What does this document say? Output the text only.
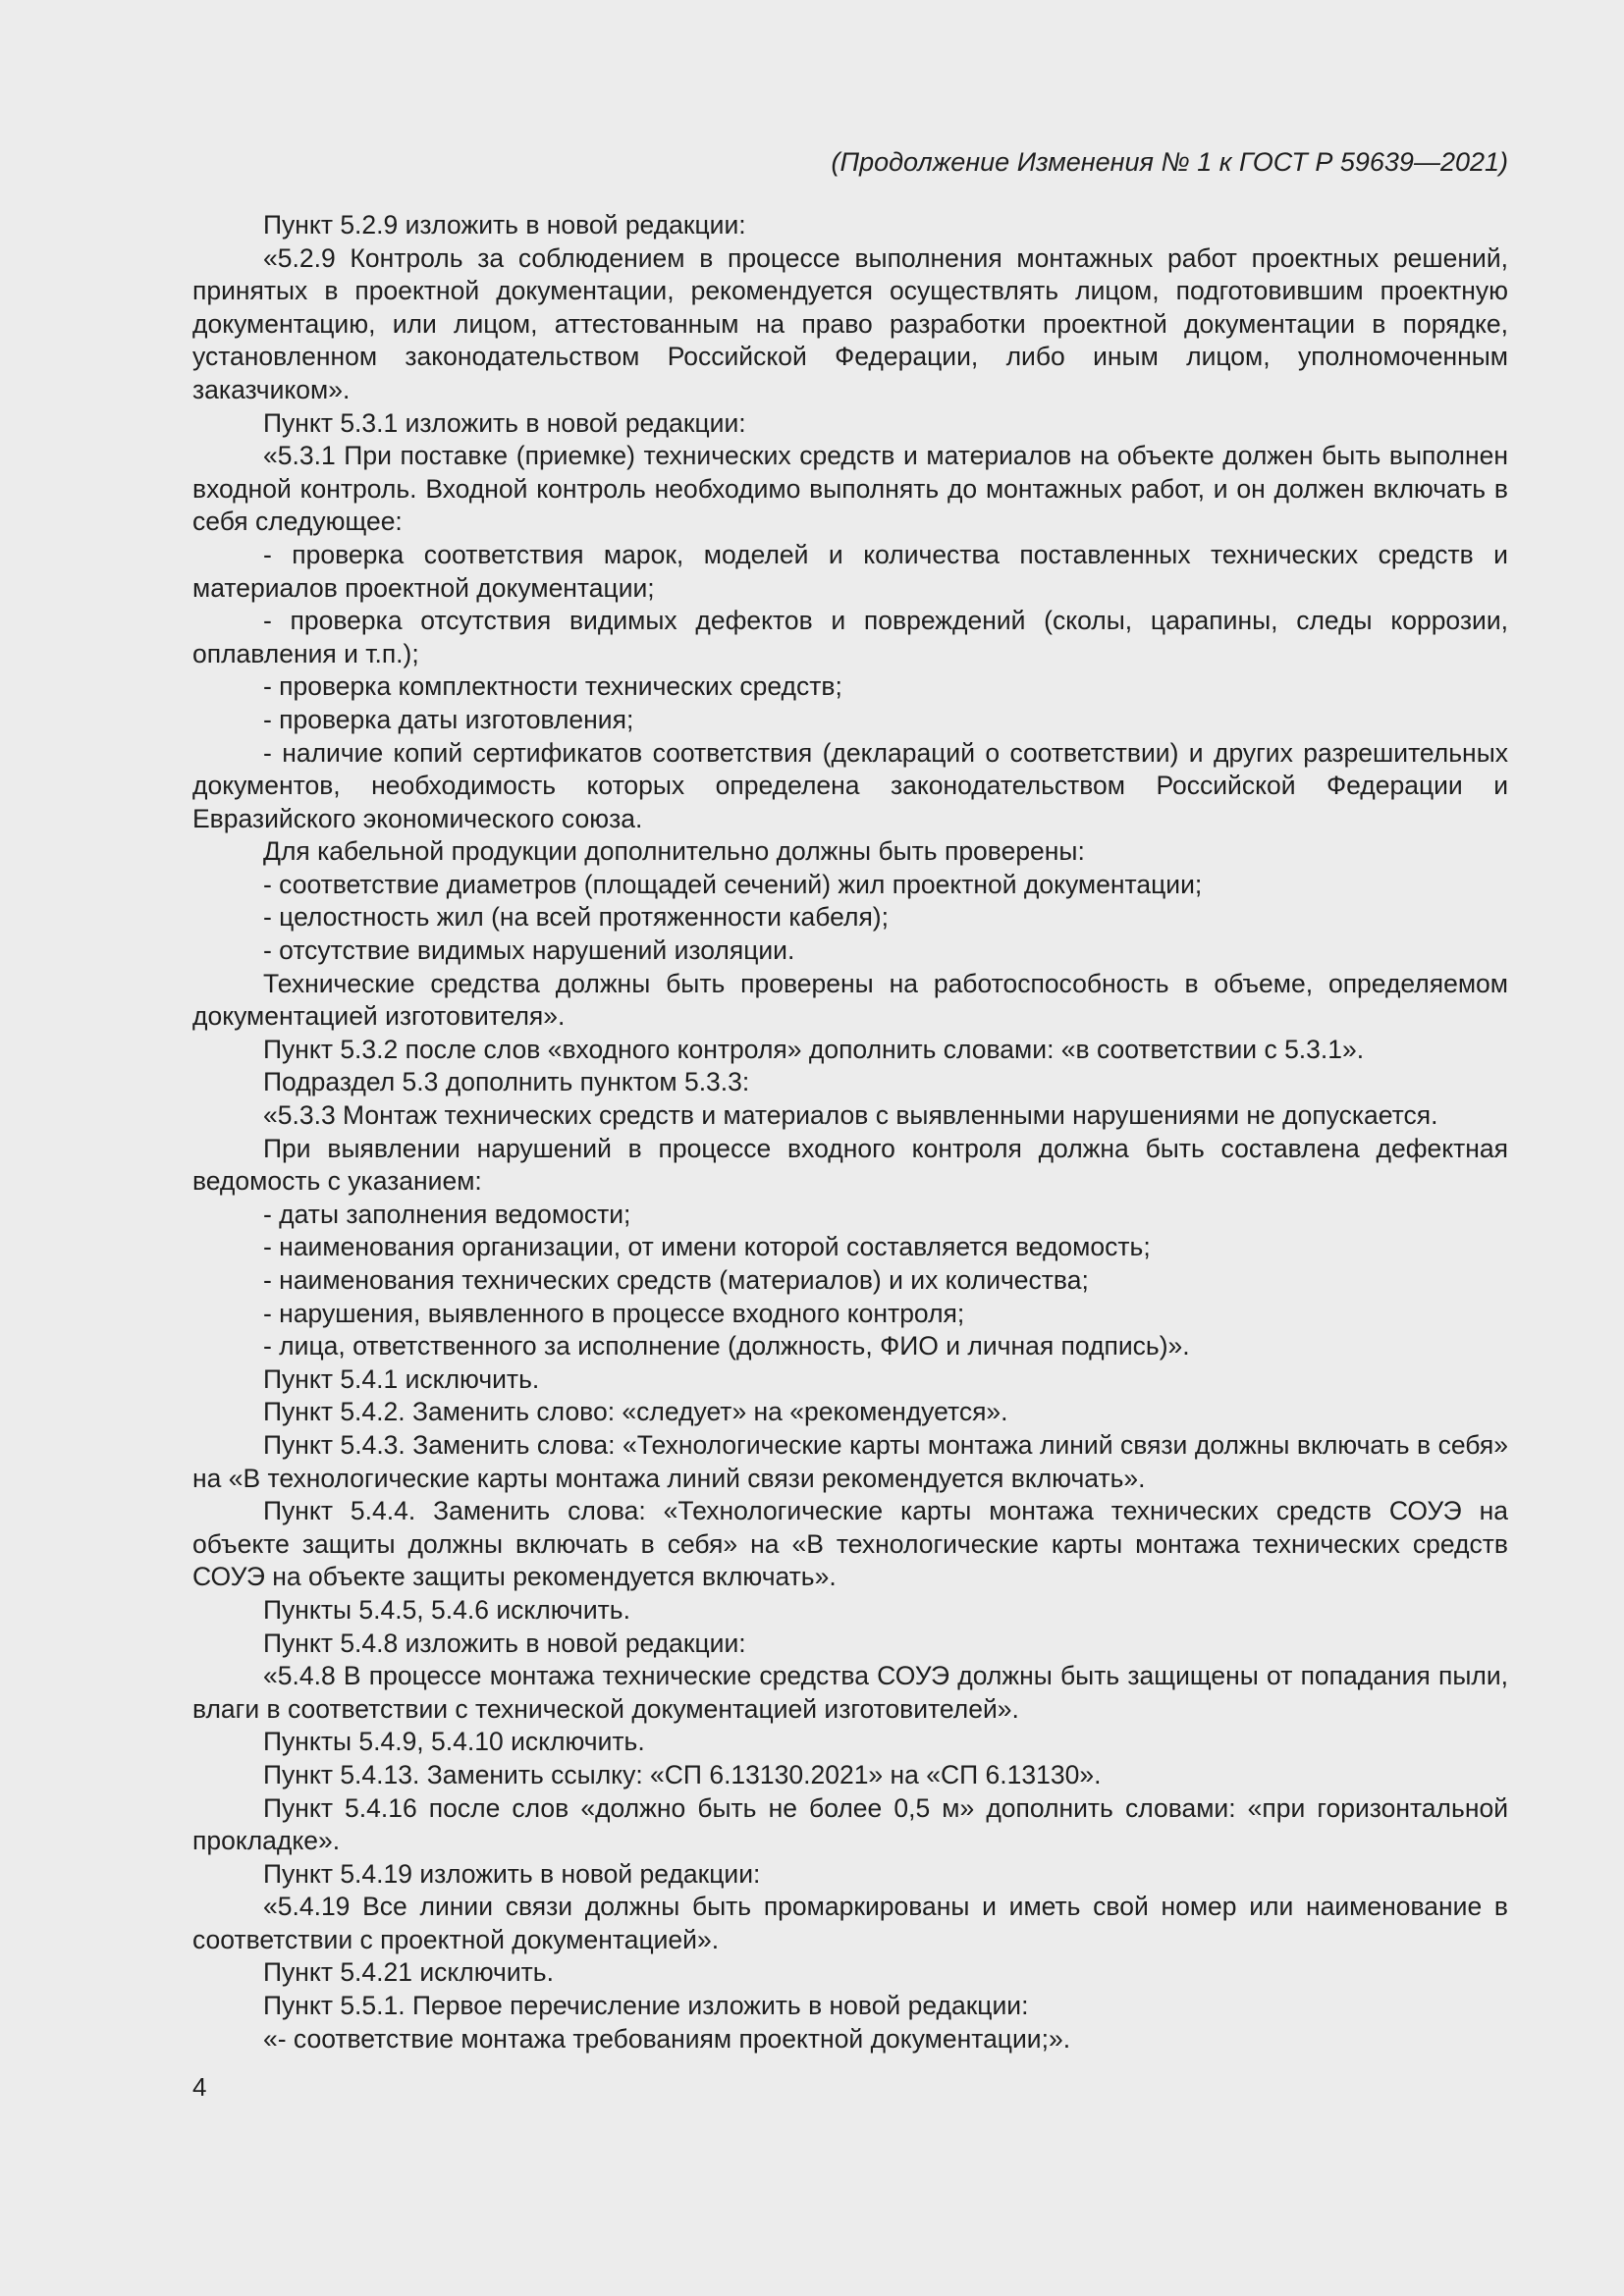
(Продолжение Изменения № 1 к ГОСТ Р 59639—2021)

Пункт 5.2.9 изложить в новой редакции:

«5.2.9 Контроль за соблюдением в процессе выполнения монтажных работ проектных решений, принятых в проектной документации, рекомендуется осуществлять лицом, подготовившим проектную документацию, или лицом, аттестованным на право разработки проектной документации в порядке, установленном законодательством Российской Федерации, либо иным лицом, уполномоченным заказчиком».

Пункт 5.3.1 изложить в новой редакции:

«5.3.1 При поставке (приемке) технических средств и материалов на объекте должен быть выполнен входной контроль. Входной контроль необходимо выполнять до монтажных работ, и он должен включать в себя следующее:

- проверка соответствия марок, моделей и количества поставленных технических средств и материалов проектной документации;

- проверка отсутствия видимых дефектов и повреждений (сколы, царапины, следы коррозии, оплавления и т.п.);

- проверка комплектности технических средств;

- проверка даты изготовления;

- наличие копий сертификатов соответствия (деклараций о соответствии) и других разрешительных документов, необходимость которых определена законодательством Российской Федерации и Евразийского экономического союза.

Для кабельной продукции дополнительно должны быть проверены:

- соответствие диаметров (площадей сечений) жил проектной документации;

- целостность жил (на всей протяженности кабеля);

- отсутствие видимых нарушений изоляции.

Технические средства должны быть проверены на работоспособность в объеме, определяемом документацией изготовителя».

Пункт 5.3.2 после слов «входного контроля» дополнить словами: «в соответствии с 5.3.1».

Подраздел 5.3 дополнить пунктом 5.3.3:

«5.3.3 Монтаж технических средств и материалов с выявленными нарушениями не допускается.

При выявлении нарушений в процессе входного контроля должна быть составлена дефектная ведомость с указанием:

- даты заполнения ведомости;

- наименования организации, от имени которой составляется ведомость;

- наименования технических средств (материалов) и их количества;

- нарушения, выявленного в процессе входного контроля;

- лица, ответственного за исполнение (должность, ФИО и личная подпись)».

Пункт 5.4.1 исключить.

Пункт 5.4.2. Заменить слово: «следует» на «рекомендуется».

Пункт 5.4.3. Заменить слова: «Технологические карты монтажа линий связи должны включать в себя» на «В технологические карты монтажа линий связи рекомендуется включать».

Пункт 5.4.4. Заменить слова: «Технологические карты монтажа технических средств СОУЭ на объекте защиты должны включать в себя» на «В технологические карты монтажа технических средств СОУЭ на объекте защиты рекомендуется включать».

Пункты 5.4.5, 5.4.6 исключить.

Пункт 5.4.8 изложить в новой редакции:

«5.4.8 В процессе монтажа технические средства СОУЭ должны быть защищены от попадания пыли, влаги в соответствии с технической документацией изготовителей».

Пункты 5.4.9, 5.4.10 исключить.

Пункт 5.4.13. Заменить ссылку: «СП 6.13130.2021» на «СП 6.13130».

Пункт 5.4.16 после слов «должно быть не более 0,5 м» дополнить словами: «при горизонтальной прокладке».

Пункт 5.4.19 изложить в новой редакции:

«5.4.19 Все линии связи должны быть промаркированы и иметь свой номер или наименование в соответствии с проектной документацией».

Пункт 5.4.21 исключить.

Пункт 5.5.1. Первое перечисление изложить в новой редакции:

«- соответствие монтажа требованиям проектной документации;».

4
